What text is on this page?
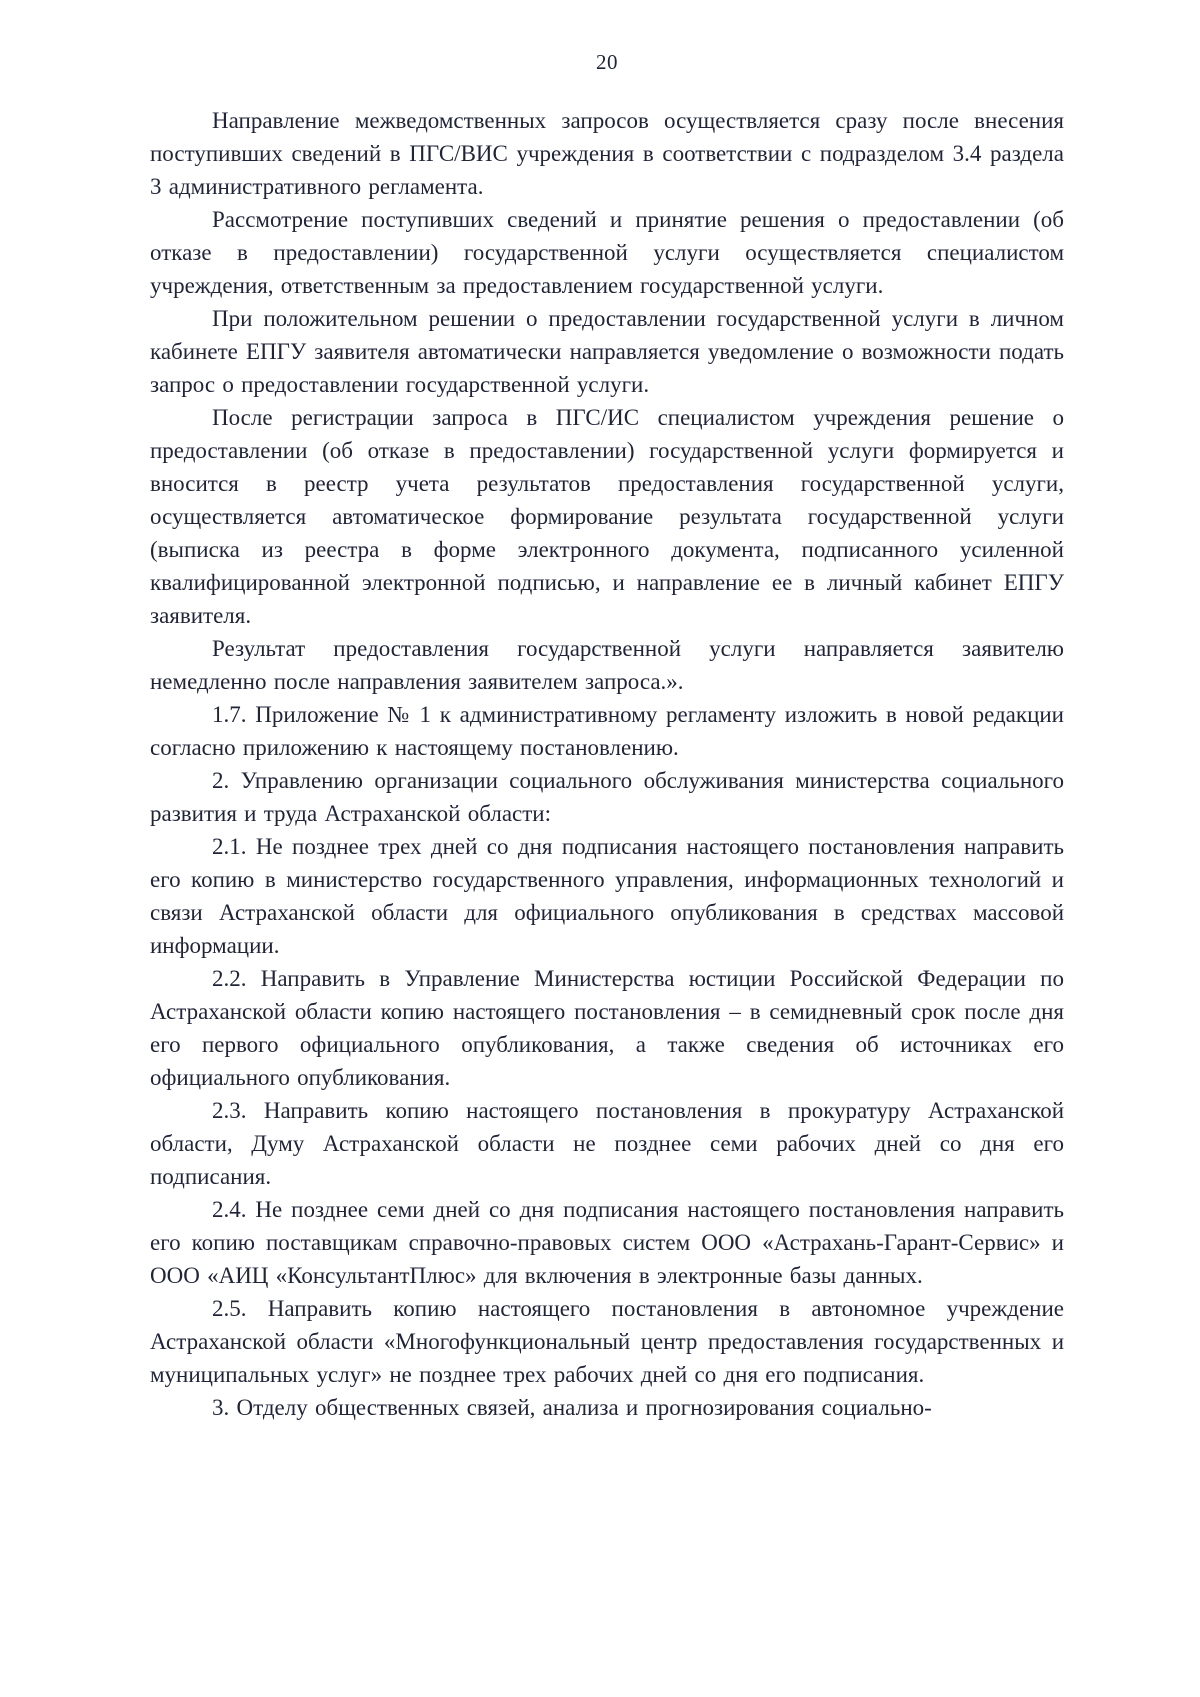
20

Направление межведомственных запросов осуществляется сразу после внесения поступивших сведений в ПГС/ВИС учреждения в соответствии с подразделом 3.4 раздела 3 административного регламента.

Рассмотрение поступивших сведений и принятие решения о предоставлении (об отказе в предоставлении) государственной услуги осуществляется специалистом учреждения, ответственным за предоставлением государственной услуги.

При положительном решении о предоставлении государственной услуги в личном кабинете ЕПГУ заявителя автоматически направляется уведомление о возможности подать запрос о предоставлении государственной услуги.

После регистрации запроса в ПГС/ИС специалистом учреждения решение о предоставлении (об отказе в предоставлении) государственной услуги формируется и вносится в реестр учета результатов предоставления государственной услуги, осуществляется автоматическое формирование результата государственной услуги (выписка из реестра в форме электронного документа, подписанного усиленной квалифицированной электронной подписью, и направление ее в личный кабинет ЕПГУ заявителя.

Результат предоставления государственной услуги направляется заявителю немедленно после направления заявителем запроса.».

1.7. Приложение № 1 к административному регламенту изложить в новой редакции согласно приложению к настоящему постановлению.

2. Управлению организации социального обслуживания министерства социального развития и труда Астраханской области:

2.1. Не позднее трех дней со дня подписания настоящего постановления направить его копию в министерство государственного управления, информационных технологий и связи Астраханской области для официального опубликования в средствах массовой информации.

2.2. Направить в Управление Министерства юстиции Российской Федерации по Астраханской области копию настоящего постановления – в семидневный срок после дня его первого официального опубликования, а также сведения об источниках его официального опубликования.

2.3. Направить копию настоящего постановления в прокуратуру Астраханской области, Думу Астраханской области не позднее семи рабочих дней со дня его подписания.

2.4. Не позднее семи дней со дня подписания настоящего постановления направить его копию поставщикам справочно-правовых систем ООО «Астрахань-Гарант-Сервис» и ООО «АИЦ «КонсультантПлюс» для включения в электронные базы данных.

2.5. Направить копию настоящего постановления в автономное учреждение Астраханской области «Многофункциональный центр предоставления государственных и муниципальных услуг» не позднее трех рабочих дней со дня его подписания.

3. Отделу общественных связей, анализа и прогнозирования социально-
